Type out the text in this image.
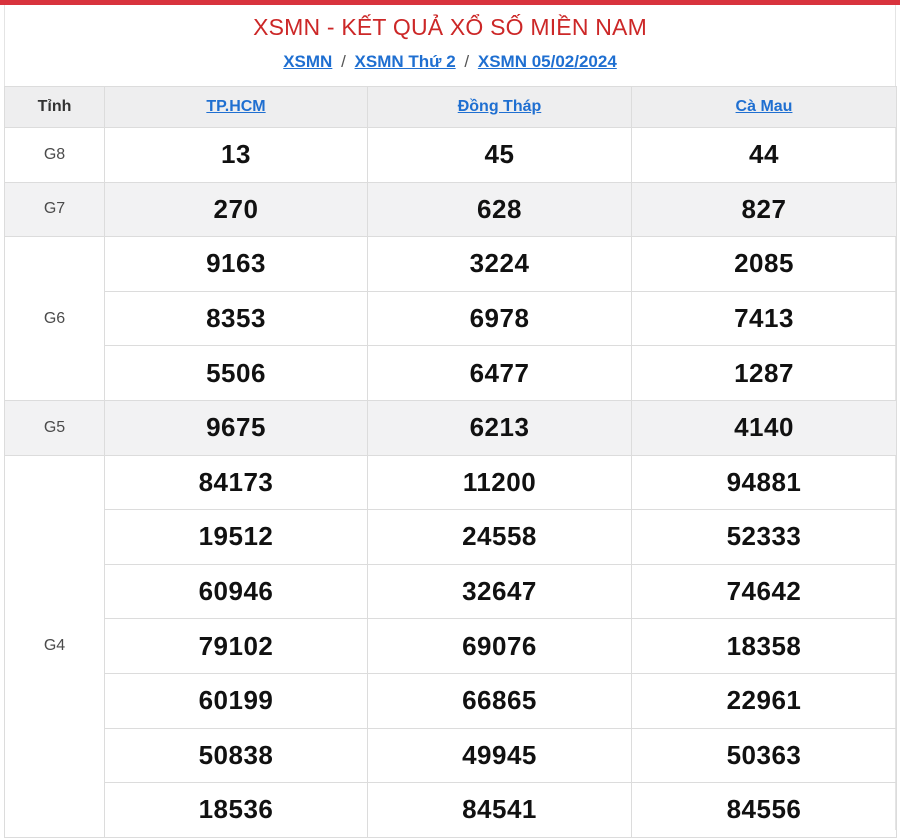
XSMN - KẾT QUẢ XỔ SỐ MIỀN NAM
XSMN / XSMN Thứ 2 / XSMN 05/02/2024
Tỉnh	TP.HCM	Đồng Tháp	Cà Mau
G8	13	45	44
G7	270	628	827
G6	9163	3224	2085
	8353	6978	7413
	5506	6477	1287
G5	9675	6213	4140
G4	84173	11200	94881
	19512	24558	52333
	60946	32647	74642
	79102	69076	18358
	60199	66865	22961
	50838	49945	50363
	18536	84541	84556
